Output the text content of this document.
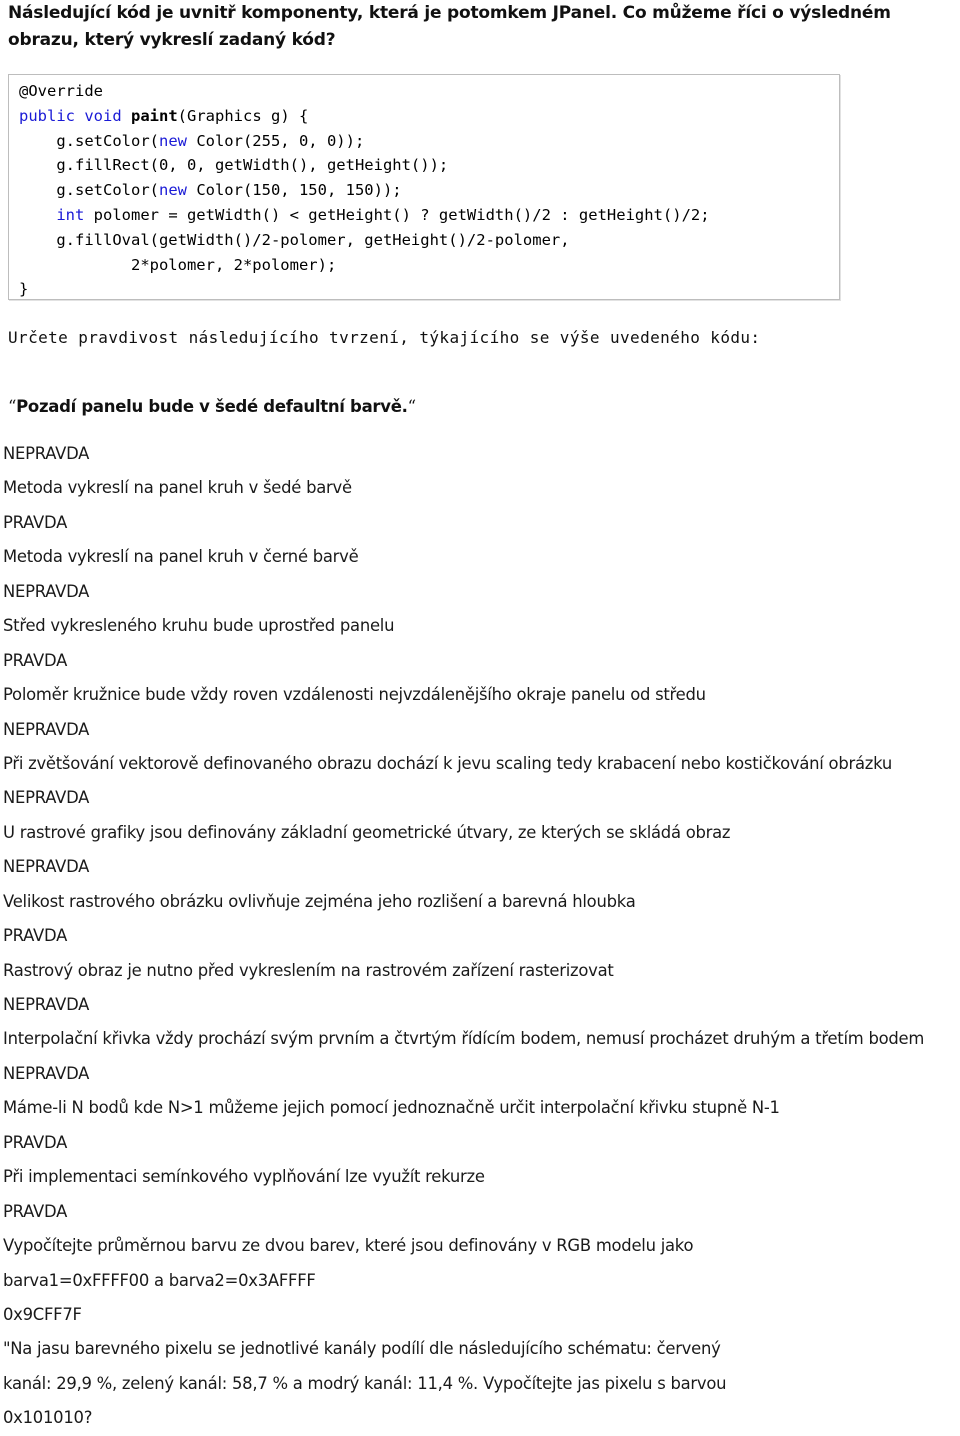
Následující kód je uvnitř komponenty, která je potomkem JPanel. Co můžeme říci o výsledném obrazu, který vykreslí zadaný kód?
@Override
public void paint(Graphics g) {
g.setColor(new Color(255, 0, 0));
g.fillRect(0, 0, getWidth(), getHeight());
g.setColor(new Color(150, 150, 150));
int polomer = getWidth() < getHeight() ? getWidth()/2 : getHeight()/2;
g.fillOval(getWidth()/2-polomer, getHeight()/2-polomer,
2*polomer, 2*polomer);
}
Určete pravdivost následujícího tvrzení, týkajícího se výše uvedeného kódu:
“Pozadí panelu bude v šedé defaultní barvě.“
NEPRAVDA
Metoda vykreslí na panel kruh v šedé barvě
PRAVDA
Metoda vykreslí na panel kruh v černé barvě
NEPRAVDA
Střed vykresleného kruhu bude uprostřed panelu
PRAVDA
Poloměr kružnice bude vždy roven vzdálenosti nejvzdálenějšího okraje panelu od středu
NEPRAVDA
Při zvětšování vektorově definovaného obrazu dochází k jevu scaling tedy krabacení nebo kostičkování obrázku
NEPRAVDA
U rastrové grafiky jsou definovány základní geometrické útvary, ze kterých se skládá obraz
NEPRAVDA
Velikost rastrového obrázku ovlivňuje zejména jeho rozlišení a barevná hloubka
PRAVDA
Rastrový obraz je nutno před vykreslením na rastrovém zařízení rasterizovat
NEPRAVDA
Interpolační křivka vždy prochází svým prvním a čtvrtým řídícím bodem, nemusí procházet druhým a třetím bodem
NEPRAVDA
Máme-li N bodů kde N>1 můžeme jejich pomocí jednoznačně určit interpolační křivku stupně N-1
PRAVDA
Při implementaci semínkového vyplňování lze využít rekurze
PRAVDA
Vypočítejte průměrnou barvu ze dvou barev, které jsou definovány v RGB modelu jako
barva1=0xFFFF00 a barva2=0x3AFFFF
0x9CFF7F
"Na jasu barevného pixelu se jednotlivé kanály podílí dle následujícího schématu: červený
kanál: 29,9 %, zelený kanál: 58,7 % a modrý kanál: 11,4 %. Vypočítejte jas pixelu s barvou
0x101010?
